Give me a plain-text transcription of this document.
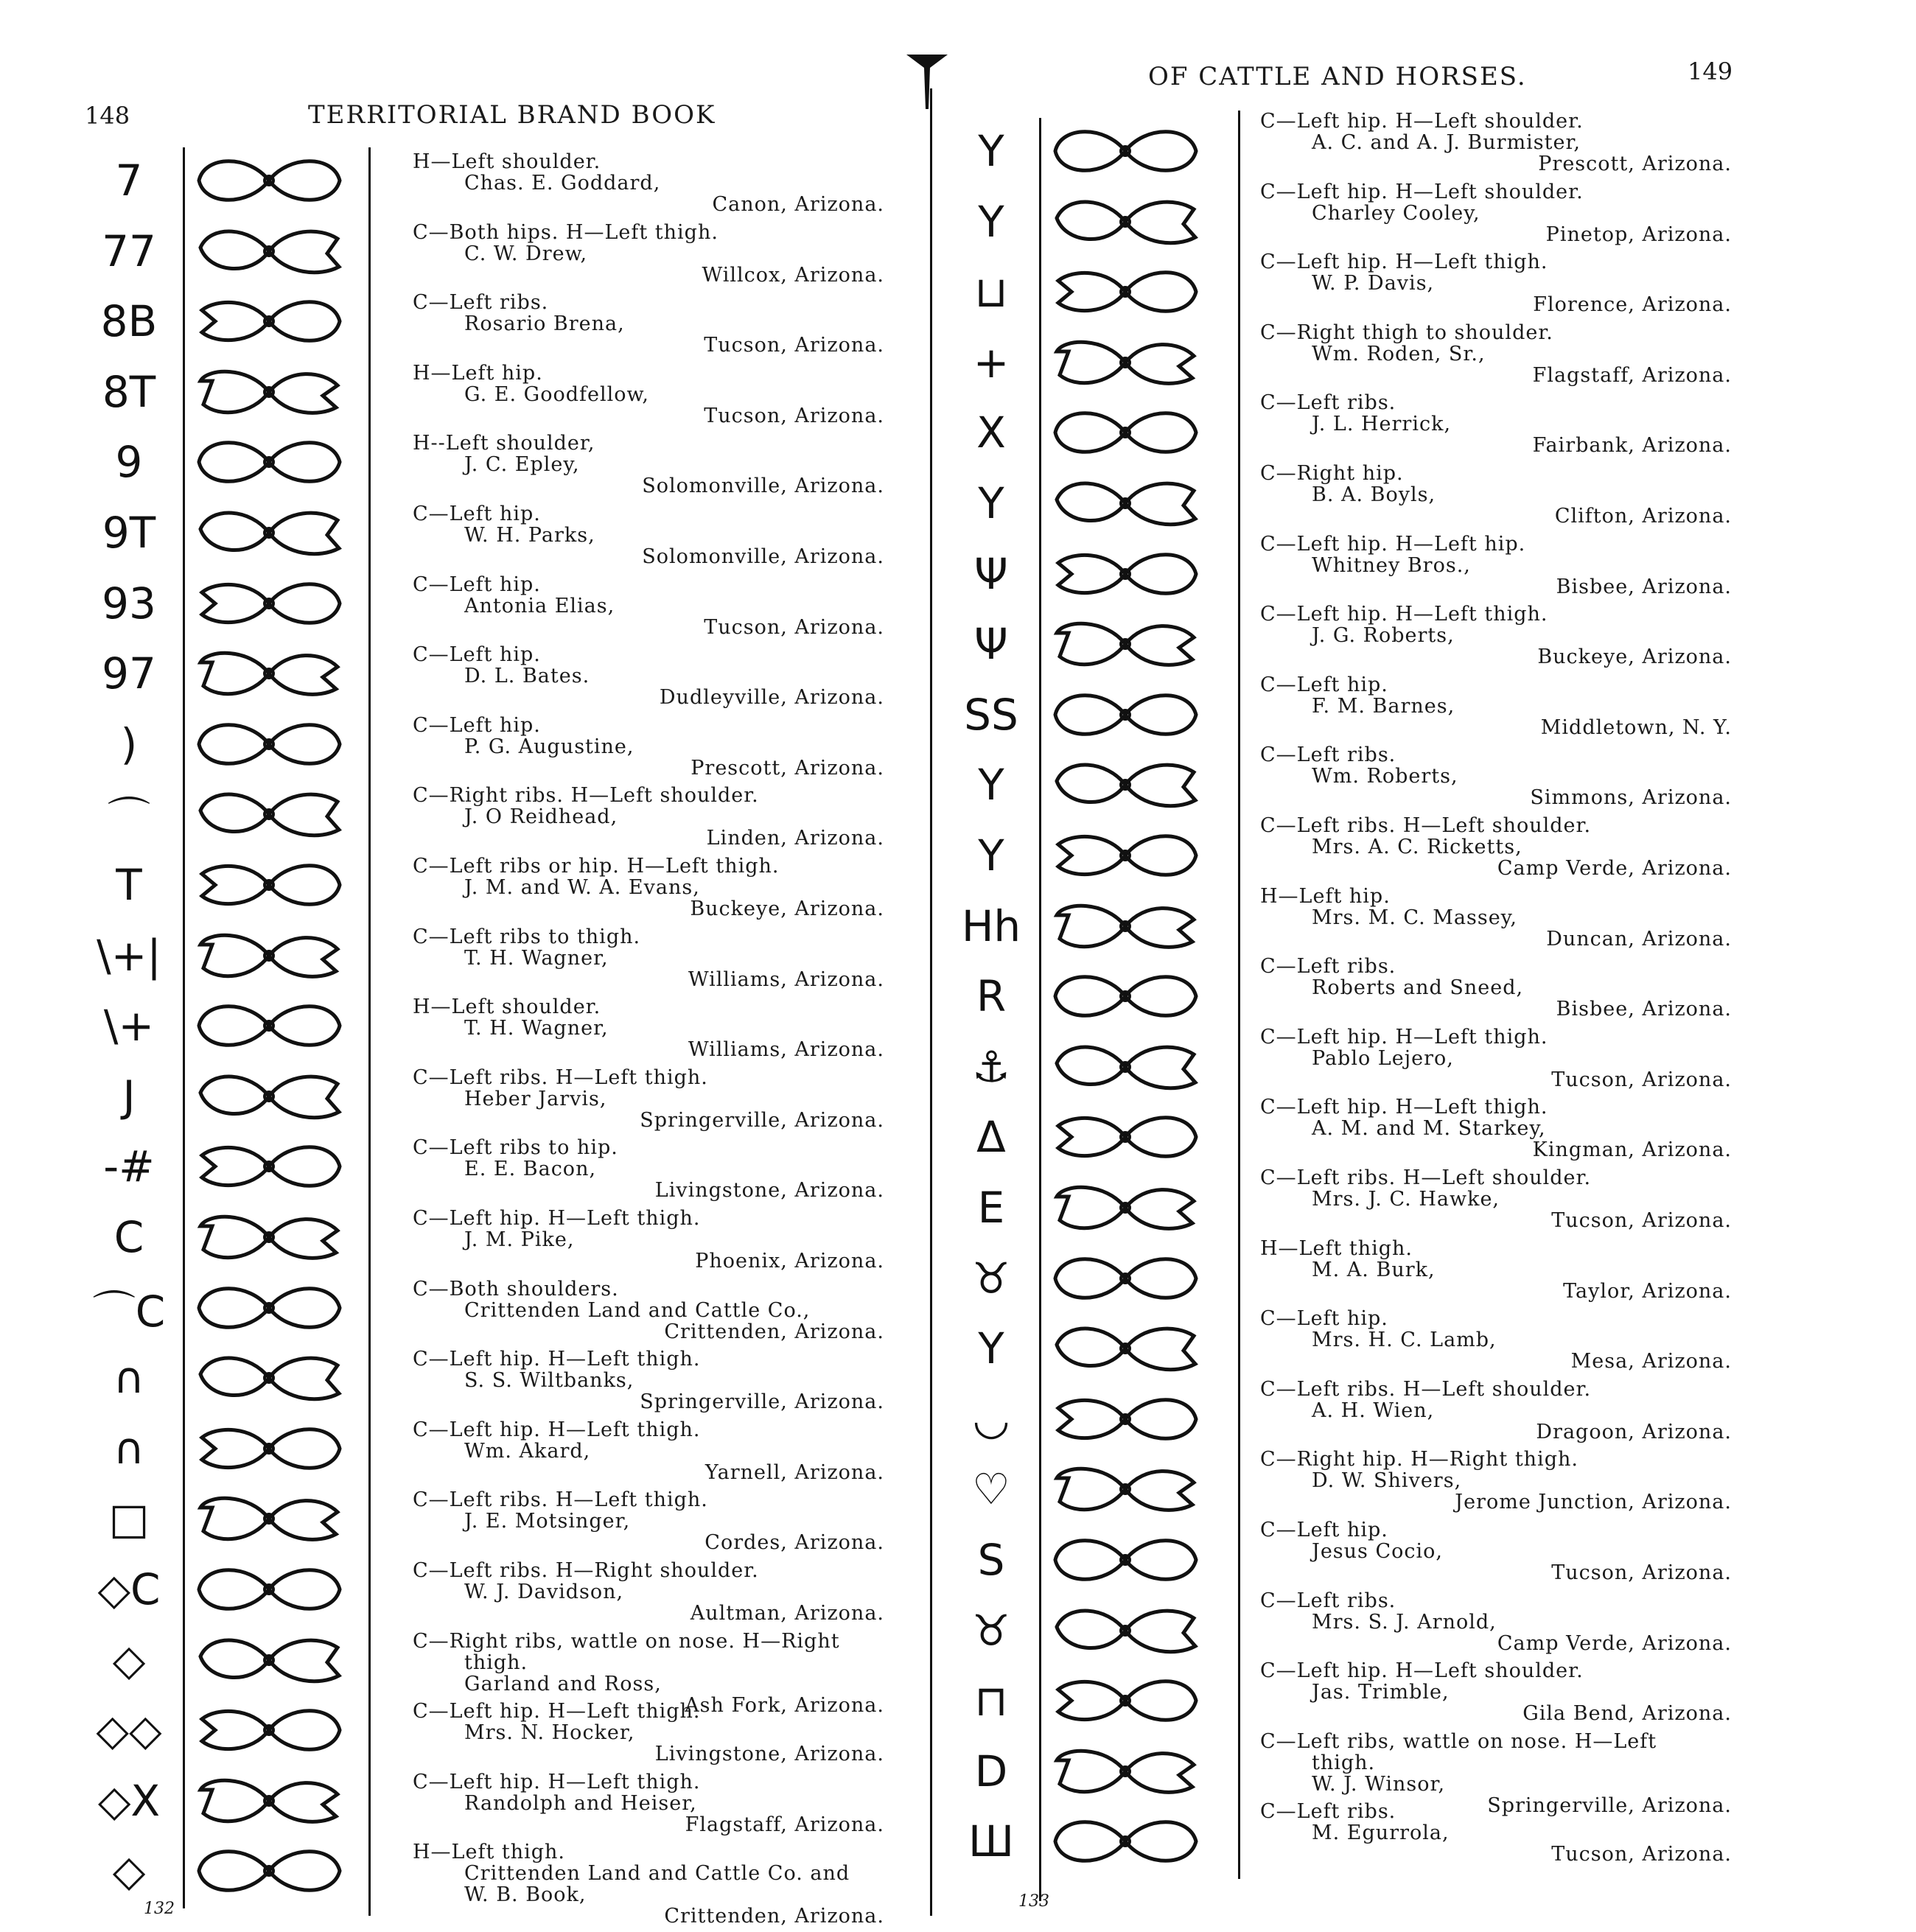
148	TERRITORIAL BRAND BOOK
7
77
8B
8T
9
9T
93
97
)
⌒
T
\+|
\+
J
-#
C
⌒C
∩
∩
□
◇C
◇
◇◇
◇X
◇
H—Left shoulder.
Chas. E. Goddard,
Canon, Arizona.
C—Both hips. H—Left thigh.
C. W. Drew,
Willcox, Arizona.
C—Left ribs.
Rosario Brena,
Tucson, Arizona.
H—Left hip.
G. E. Goodfellow,
Tucson, Arizona.
H--Left shoulder,
J. C. Epley,
Solomonville, Arizona.
C—Left hip.
W. H. Parks,
Solomonville, Arizona.
C—Left hip.
Antonia Elias,
Tucson, Arizona.
C—Left hip.
D. L. Bates.
Dudleyville, Arizona.
C—Left hip.
P. G. Augustine,
Prescott, Arizona.
C—Right ribs. H—Left shoulder.
J. O Reidhead,
Linden, Arizona.
C—Left ribs or hip. H—Left thigh.
J. M. and W. A. Evans,
Buckeye, Arizona.
C—Left ribs to thigh.
T. H. Wagner,
Williams, Arizona.
H—Left shoulder.
T. H. Wagner,
Williams, Arizona.
C—Left ribs. H—Left thigh.
Heber Jarvis,
Springerville, Arizona.
C—Left ribs to hip.
E. E. Bacon,
Livingstone, Arizona.
C—Left hip. H—Left thigh.
J. M. Pike,
Phoenix, Arizona.
C—Both shoulders.
Crittenden Land and Cattle Co.,
Crittenden, Arizona.
C—Left hip. H—Left thigh.
S. S. Wiltbanks,
Springerville, Arizona.
C—Left hip. H—Left thigh.
Wm. Akard,
Yarnell, Arizona.
C—Left ribs. H—Left thigh.
J. E. Motsinger,
Cordes, Arizona.
C—Left ribs. H—Right shoulder.
W. J. Davidson,
Aultman, Arizona.
C—Right ribs, wattle on nose. H—Right
thigh.
Garland and Ross,
Ash Fork, Arizona.
C—Left hip. H—Left thigh.
Mrs. N. Hocker,
Livingstone, Arizona.
C—Left hip. H—Left thigh.
Randolph and Heiser,
Flagstaff, Arizona.
H—Left thigh.
Crittenden Land and Cattle Co. and
W. B. Book,
Crittenden, Arizona.
132
OF CATTLE AND HORSES.	149
Y
Y
⊔
+
X
Y
Ψ
Ψ
SS
Y
Y
Hh
R
⚓
Δ
E
♉
Y
◡
♡
S
♉
⊓
D
Ш
C—Left hip. H—Left shoulder.
A. C. and A. J. Burmister,
Prescott, Arizona.
C—Left hip. H—Left shoulder.
Charley Cooley,
Pinetop, Arizona.
C—Left hip. H—Left thigh.
W. P. Davis,
Florence, Arizona.
C—Right thigh to shoulder.
Wm. Roden, Sr.,
Flagstaff, Arizona.
C—Left ribs.
J. L. Herrick,
Fairbank, Arizona.
C—Right hip.
B. A. Boyls,
Clifton, Arizona.
C—Left hip. H—Left hip.
Whitney Bros.,
Bisbee, Arizona.
C—Left hip. H—Left thigh.
J. G. Roberts,
Buckeye, Arizona.
C—Left hip.
F. M. Barnes,
Middletown, N. Y.
C—Left ribs.
Wm. Roberts,
Simmons, Arizona.
C—Left ribs. H—Left shoulder.
Mrs. A. C. Ricketts,
Camp Verde, Arizona.
H—Left hip.
Mrs. M. C. Massey,
Duncan, Arizona.
C—Left ribs.
Roberts and Sneed,
Bisbee, Arizona.
C—Left hip. H—Left thigh.
Pablo Lejero,
Tucson, Arizona.
C—Left hip. H—Left thigh.
A. M. and M. Starkey,
Kingman, Arizona.
C—Left ribs. H—Left shoulder.
Mrs. J. C. Hawke,
Tucson, Arizona.
H—Left thigh.
M. A. Burk,
Taylor, Arizona.
C—Left hip.
Mrs. H. C. Lamb,
Mesa, Arizona.
C—Left ribs. H—Left shoulder.
A. H. Wien,
Dragoon, Arizona.
C—Right hip. H—Right thigh.
D. W. Shivers,
Jerome Junction, Arizona.
C—Left hip.
Jesus Cocio,
Tucson, Arizona.
C—Left ribs.
Mrs. S. J. Arnold,
Camp Verde, Arizona.
C—Left hip. H—Left shoulder.
Jas. Trimble,
Gila Bend, Arizona.
C—Left ribs, wattle on nose. H—Left
thigh.
W. J. Winsor,
Springerville, Arizona.
C—Left ribs.
M. Egurrola,
Tucson, Arizona.
133
